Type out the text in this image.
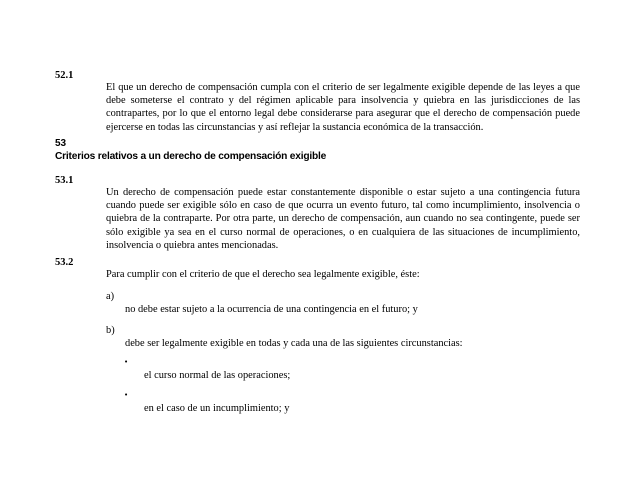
52.1

El que un derecho de compensación cumpla con el criterio de ser legalmente exigible depende de las leyes a que debe someterse el contrato y del régimen aplicable para insolvencia y quiebra en las jurisdicciones de las contrapartes, por lo que el entorno legal debe considerarse para asegurar que el derecho de compensación puede ejercerse en todas las circunstancias y así reflejar la sustancia económica de la transacción.

53

Criterios relativos a un derecho de compensación exigible

53.1

Un derecho de compensación puede estar constantemente disponible o estar sujeto a una contingencia futura cuando puede ser exigible sólo en caso de que ocurra un evento futuro, tal como incumplimiento, insolvencia o quiebra de la contraparte. Por otra parte, un derecho de compensación, aun cuando no sea contingente, puede ser sólo exigible ya sea en el curso normal de operaciones, o en cualquiera de las situaciones de incumplimiento, insolvencia o quiebra antes mencionadas.

53.2

Para cumplir con el criterio de que el derecho sea legalmente exigible, éste:

a)

no debe estar sujeto a la ocurrencia de una contingencia en el futuro; y

b)

debe ser legalmente exigible en todas y cada una de las siguientes circunstancias:

•

el curso normal de las operaciones;

•

en el caso de un incumplimiento; y
